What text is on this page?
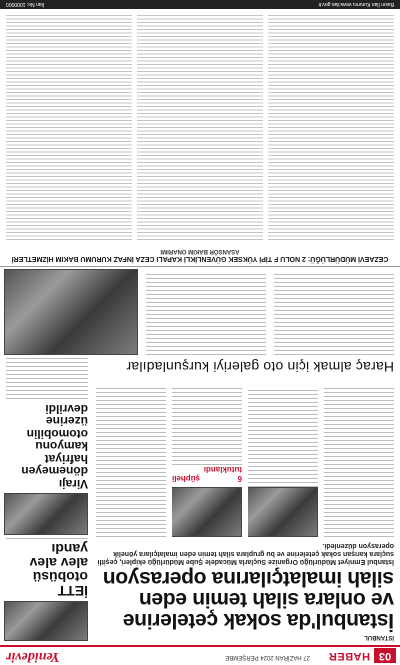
03
HABER
27 HAZİRAN 2024 PERŞEMBE
Yenidevir

İSTANBUL

İstanbul'da sokak çetelerine
ve onlara silah temin eden
silah imalatçılarına operasyon

İstanbul Emniyet Müdürlüğü Organize Suçlarla Mücadele Şube Müdürlüğü ekipleri, çeşitli suçlara karışan sokak çetelerine ve bu gruplara silah temin eden imalatçılara yönelik operasyon düzenledi.

İETT otobüsü
alev alev yandı
6 şüpheli tutuklandı
Virajı dönemeyen
hafriyat kamyonu
otomobilin
üzerine devrildi
Haraç almak için oto galeriyi kurşunladılar

CEZAEVİ MÜDÜRLÜĞÜ: 2 NOLU F TİPİ YÜKSEK GÜVENLİKLİ KAPALI CEZA İNFAZ KURUMU BAKIM HİZMETLERİ

ASANSÖR BAKIM ONARIMI

Basın İlan Kurumu www.ilan.gov.tr
İlan No: 1000000
